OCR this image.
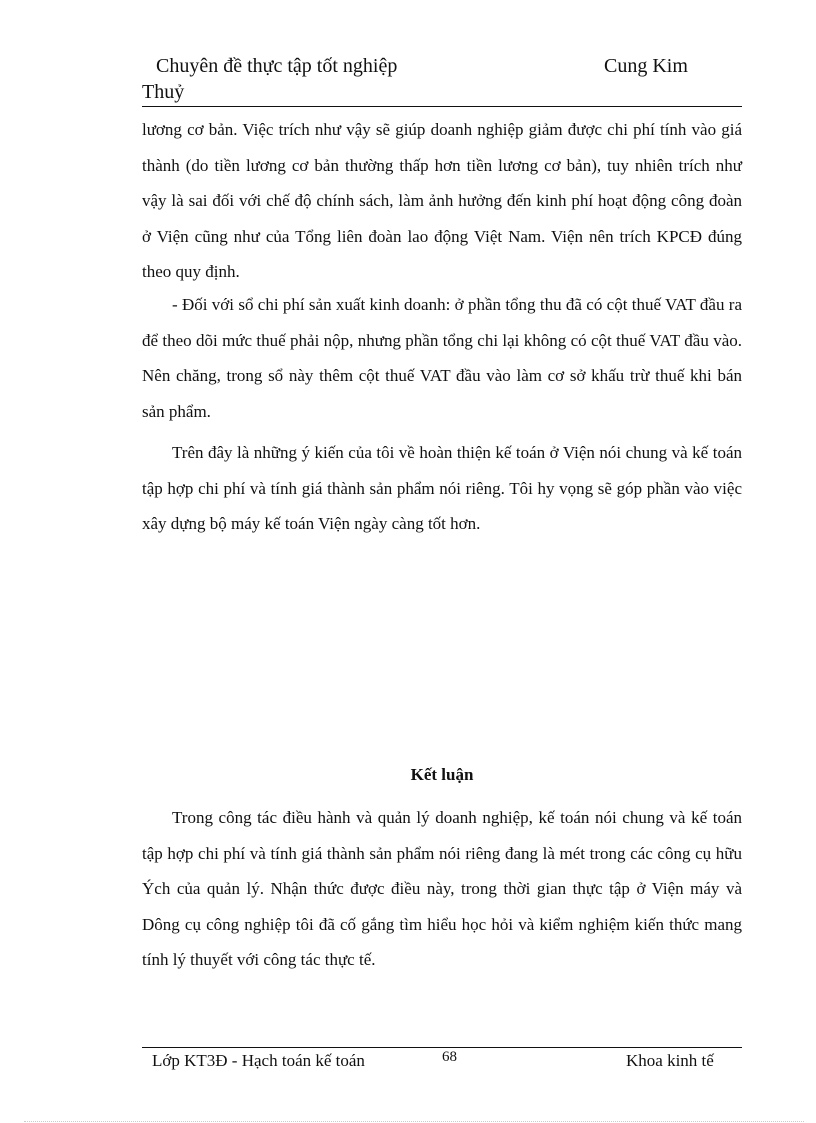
Chuyên đề thực tập tốt nghiệp	Cung Kim
Thuỷ

lương cơ bản. Việc trích như vậy sẽ giúp doanh nghiệp giảm được chi phí tính vào giá thành (do tiền lương cơ bản thường thấp hơn tiền lương cơ bản), tuy nhiên trích như vậy là sai đối với chế độ chính sách, làm ảnh hưởng đến kinh phí hoạt động công đoàn ở Viện cũng như của Tổng liên đoàn lao động Việt Nam. Viện nên trích KPCĐ đúng theo quy định.

- Đối với sổ chi phí sản xuất kinh doanh: ở phần tổng thu đã có cột thuế VAT đầu ra để theo dõi mức thuế phải nộp, nhưng phần tổng chi lại không có cột thuế VAT đầu vào. Nên chăng, trong sổ này thêm cột thuế VAT đầu vào làm cơ sở khấu trừ thuế khi bán sản phẩm.

Trên đây là những ý kiến của tôi về hoàn thiện kế toán ở Viện nói chung và kế toán tập hợp chi phí và tính giá thành sản phẩm nói riêng. Tôi hy vọng sẽ góp phần vào việc xây dựng bộ máy kế toán Viện ngày càng tốt hơn.

Kết luận

Trong công tác điều hành và quản lý doanh nghiệp, kế toán nói chung và kế toán tập hợp chi phí và tính giá thành sản phẩm nói riêng đang là mét trong các công cụ hữu Ých của quản lý. Nhận thức được điều này, trong thời gian thực tập ở Viện máy và Dông cụ công nghiệp tôi đã cố gắng tìm hiểu học hỏi và kiểm nghiệm kiến thức mang tính lý thuyết với công tác thực tế.

Lớp KT3Đ - Hạch toán kế toán	68	Khoa kinh tế
